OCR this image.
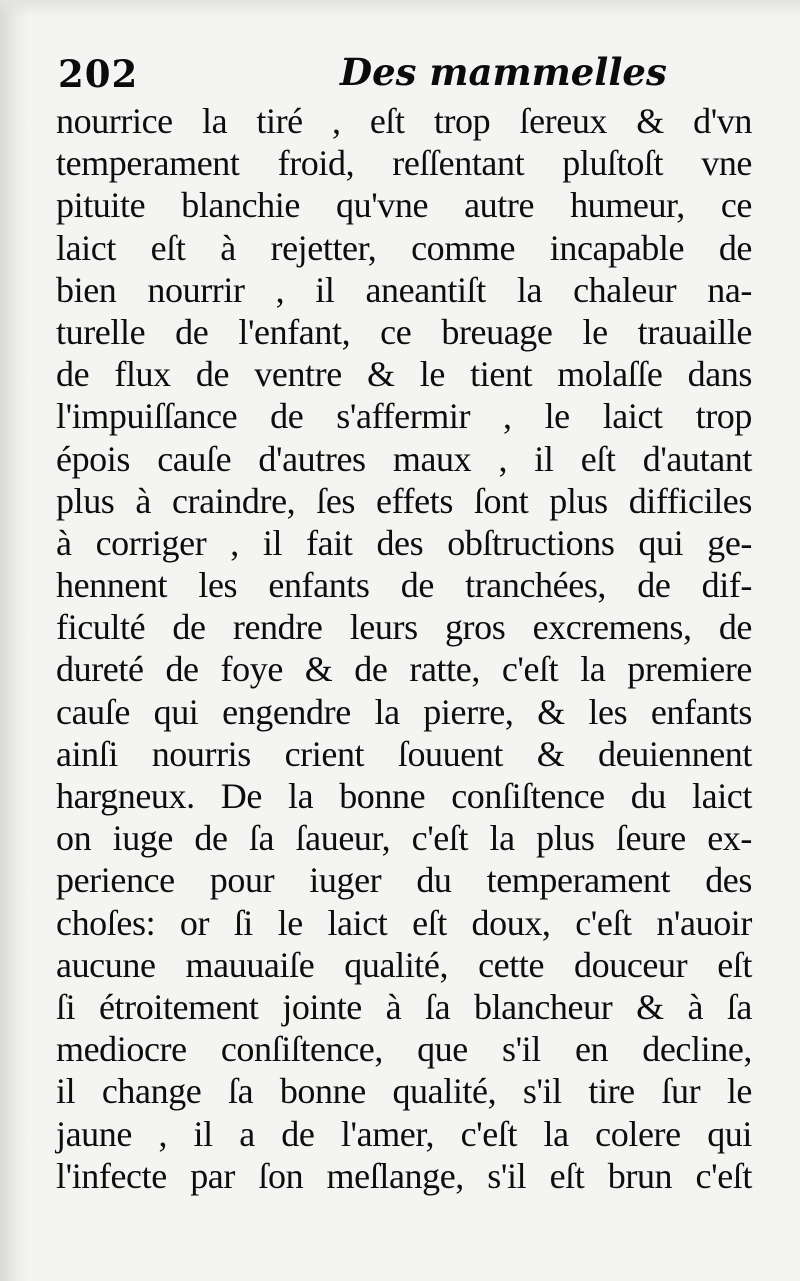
202	Des mammelles
nourrice la tiré , eſt trop ſereux & d'vn
temperament froid, reſſentant pluſtoſt vne
pituite blanchie qu'vne autre humeur, ce
laict eſt à rejetter, comme incapable de
bien nourrir , il aneantiſt la chaleur na-
turelle de l'enfant, ce breuage le trauaille
de flux de ventre & le tient molaſſe dans
l'impuiſſance de s'affermir , le laict trop
épois cauſe d'autres maux , il eſt d'autant
plus à craindre, ſes effets ſont plus difficiles
à corriger , il fait des obſtructions qui ge-
hennent les enfants de tranchées, de dif-
ficulté de rendre leurs gros excremens, de
dureté de foye & de ratte, c'eſt la premiere
cauſe qui engendre la pierre, & les enfants
ainſi nourris crient ſouuent & deuiennent
hargneux. De la bonne conſiſtence du laict
on iuge de ſa ſaueur, c'eſt la plus ſeure ex-
perience pour iuger du temperament des
choſes: or ſi le laict eſt doux, c'eſt n'auoir
aucune mauuaiſe qualité, cette douceur eſt
ſi étroitement jointe à ſa blancheur & à ſa
mediocre conſiſtence, que s'il en decline,
il change ſa bonne qualité, s'il tire ſur le
jaune , il a de l'amer, c'eſt la colere qui
l'infecte par ſon meſlange, s'il eſt brun c'eſt
